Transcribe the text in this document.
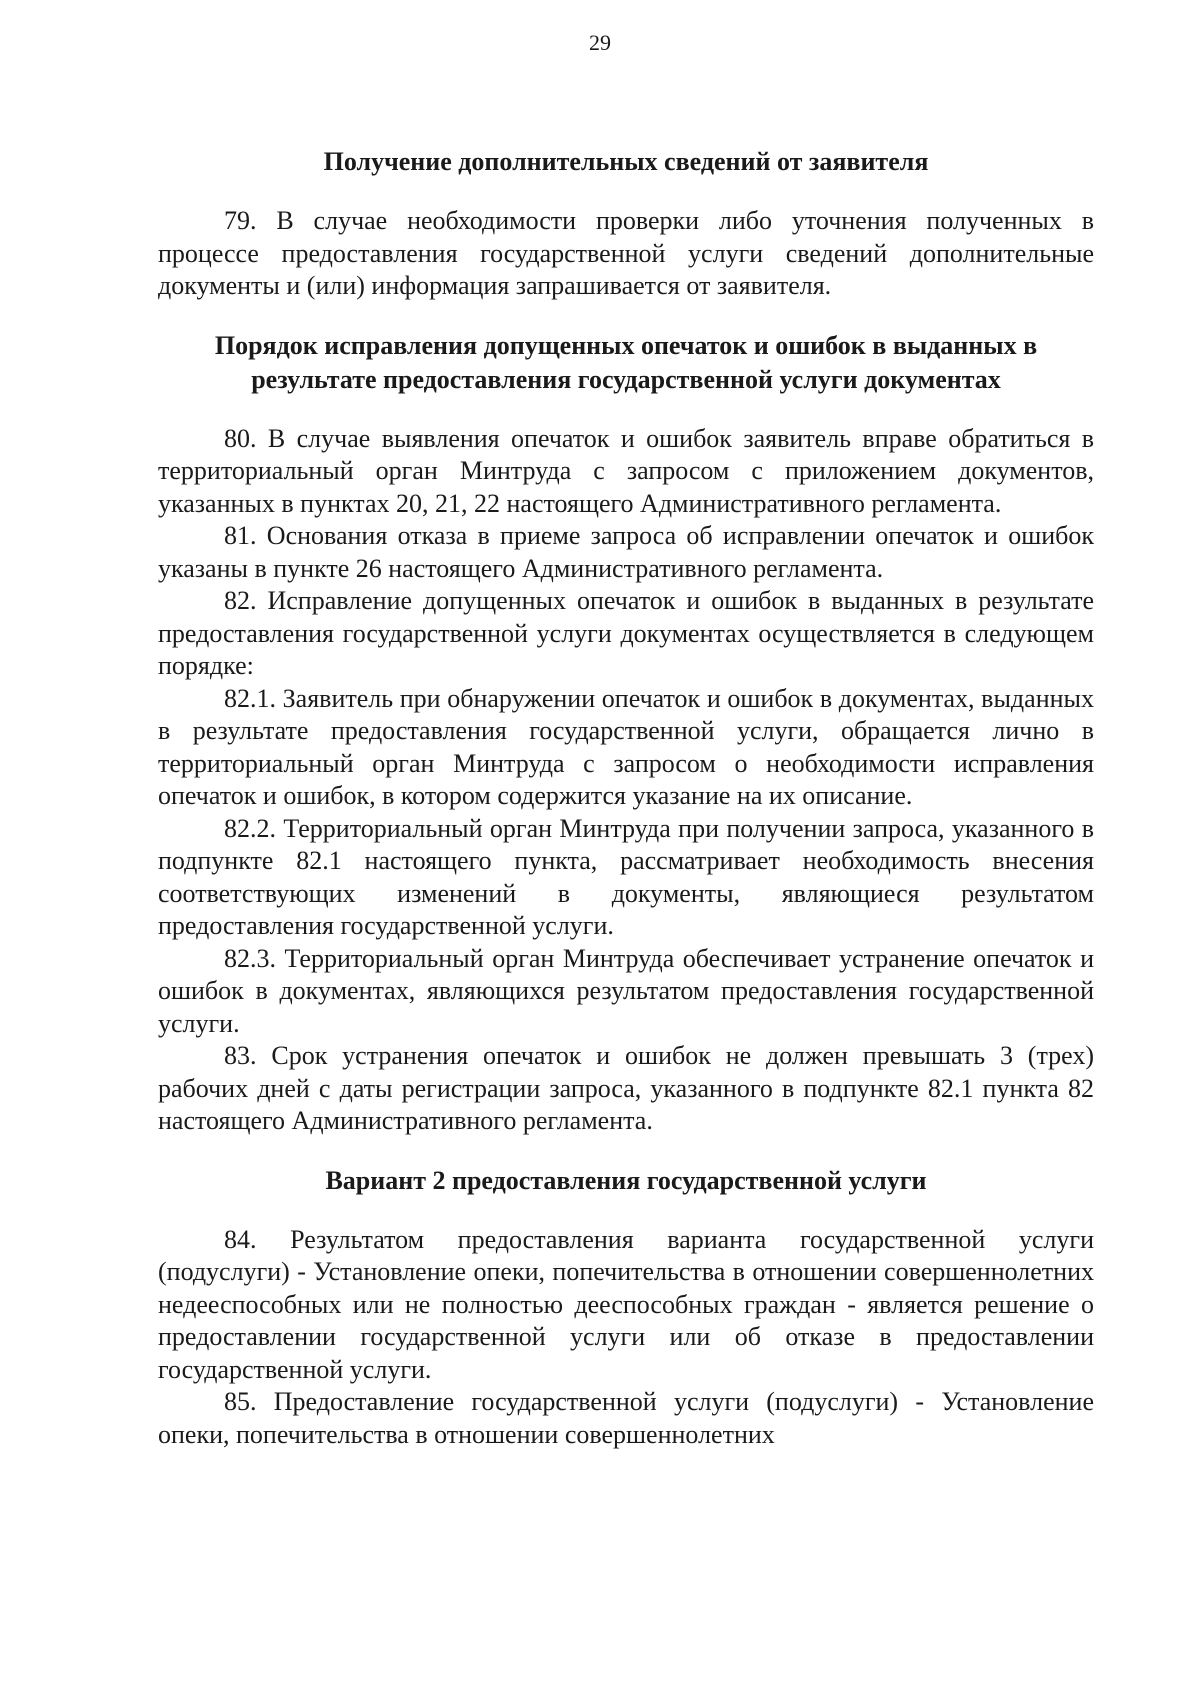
29
Получение дополнительных сведений от заявителя

79. В случае необходимости проверки либо уточнения полученных в процессе предоставления государственной услуги сведений дополнительные документы и (или) информация запрашивается от заявителя.

Порядок исправления допущенных опечаток и ошибок в выданных в результате предоставления государственной услуги документах

80. В случае выявления опечаток и ошибок заявитель вправе обратиться в территориальный орган Минтруда с запросом с приложением документов, указанных в пунктах 20, 21, 22 настоящего Административного регламента.

81. Основания отказа в приеме запроса об исправлении опечаток и ошибок указаны в пункте 26 настоящего Административного регламента.

82. Исправление допущенных опечаток и ошибок в выданных в результате предоставления государственной услуги документах осуществляется в следующем порядке:

82.1. Заявитель при обнаружении опечаток и ошибок в документах, выданных в результате предоставления государственной услуги, обращается лично в территориальный орган Минтруда с запросом о необходимости исправления опечаток и ошибок, в котором содержится указание на их описание.

82.2. Территориальный орган Минтруда при получении запроса, указанного в подпункте 82.1 настоящего пункта, рассматривает необходимость внесения соответствующих изменений в документы, являющиеся результатом предоставления государственной услуги.

82.3. Территориальный орган Минтруда обеспечивает устранение опечаток и ошибок в документах, являющихся результатом предоставления государственной услуги.

83. Срок устранения опечаток и ошибок не должен превышать 3 (трех) рабочих дней с даты регистрации запроса, указанного в подпункте 82.1 пункта 82 настоящего Административного регламента.

Вариант 2 предоставления государственной услуги

84. Результатом предоставления варианта государственной услуги (подуслуги) - Установление опеки, попечительства в отношении совершеннолетних недееспособных или не полностью дееспособных граждан - является решение о предоставлении государственной услуги или об отказе в предоставлении государственной услуги.

85. Предоставление государственной услуги (подуслуги) - Установление опеки, попечительства в отношении совершеннолетних
